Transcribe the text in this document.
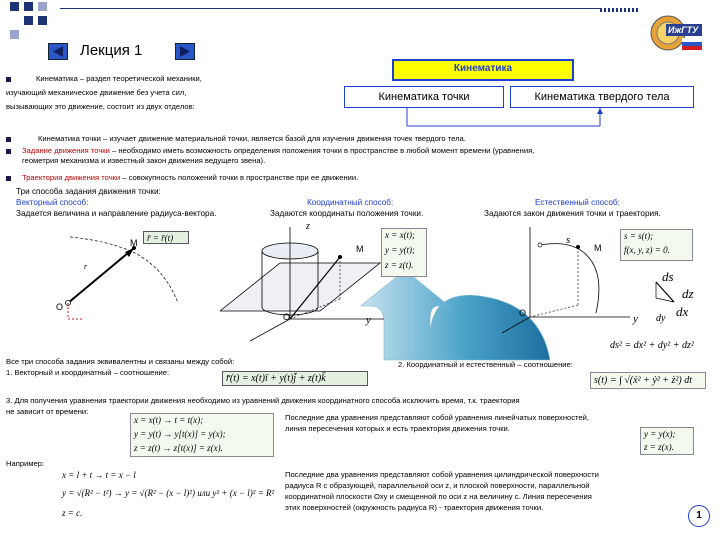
Лекция 1
ИжГТУ
Кинематика
Кинематика точки	Кинематика твердого тела
Кинематика – раздел теоретической механики,
изучающий механическое движение без учета сил,
вызывающих это движение, состоит из двух отделов:
Кинематика точки – изучает движение материальной точки, является базой для изучения движения точек твердого тела.
Задание движения точки – необходимо иметь возможность определения положения точки в пространстве в любой момент времени (уравнения,
геометрия механизма и известный закон движения ведущего звена).
Траектория движения точки – совокупность положений точки в пространстве при ее движении.
Три способа задания движения точки:
Векторный способ:
Задается величина и направление радиуса-вектора.
Координатный способ:
Задаются координаты положения точки.
Естественный способ:
Задаются закон движения точки и траектория.
M
O
r
r̄ = r̄(t)
M
O	y
z
x = x(t);
y = y(t);
z = z(t).
M
O
s
y
s = s(t);
f(x, y, z) = 0.
ds
dz
dx
dy
ds² = dx² + dy² + dz²
Все три способа задания эквивалентны и связаны между собой:
1. Векторный и координатный – соотношение:
r̄(t) = x(t)ī + y(t)j̄ + z(t)k̄
2. Координатный и естественный – соотношение:
s(t) = ∫ √(ẋ² + ẏ² + ż²) dt
3. Для получения уравнения траектории движения необходимо из уравнений движения координатного способа исключить время, т.к. траектория
не зависит от времени:
x = x(t) → t = t(x);
y = y(t) → y[t(x)] = y(x);
z = z(t) → z[t(x)] = z(x).
Последние два уравнения представляют собой уравнения линейчатых поверхностей,
линия пересечения которых и есть траектория движения точки.
y = y(x);
z = z(x).
Например:
x = l + t → t = x − l
y = √(R² − t²) → y = √(R² − (x − l)²) или y² + (x − l)² = R²
z = c.
Последние два уравнения представляют собой уравнения цилиндрической поверхности
радиуса R с образующей, параллельной оси z, и плоской поверхности, параллельной
координатной плоскости Oxy и смещенной по оси z на величину c. Линия пересечения
этих поверхностей (окружность радиуса R) - траектория движения точки.
1
